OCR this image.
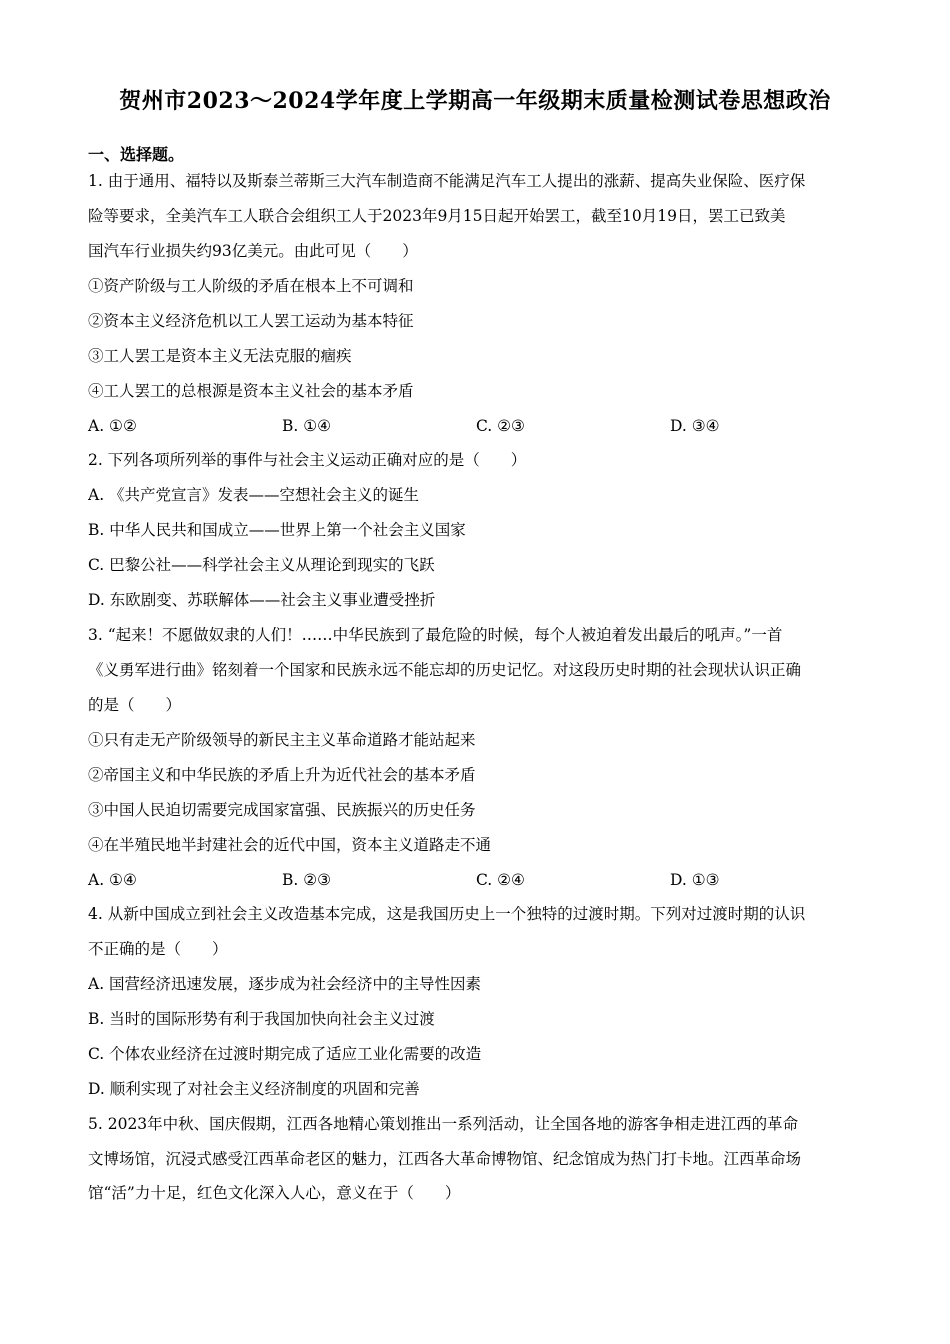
贺州市2023～2024学年度上学期高一年级期末质量检测试卷思想政治
一、选择题。
1. 由于通用、福特以及斯泰兰蒂斯三大汽车制造商不能满足汽车工人提出的涨薪、提高失业保险、医疗保
险等要求，全美汽车工人联合会组织工人于2023年9月15日起开始罢工，截至10月19日，罢工已致美
国汽车行业损失约93亿美元。由此可见（　　）
①资产阶级与工人阶级的矛盾在根本上不可调和
②资本主义经济危机以工人罢工运动为基本特征
③工人罢工是资本主义无法克服的痼疾
④工人罢工的总根源是资本主义社会的基本矛盾
A. ①②	B. ①④	C. ②③	D. ③④
2. 下列各项所列举的事件与社会主义运动正确对应的是（　　）
A. 《共产党宣言》发表——空想社会主义的诞生
B. 中华人民共和国成立——世界上第一个社会主义国家
C. 巴黎公社——科学社会主义从理论到现实的飞跃
D. 东欧剧变、苏联解体——社会主义事业遭受挫折
3. “起来！不愿做奴隶的人们！……中华民族到了最危险的时候，每个人被迫着发出最后的吼声。”一首
《义勇军进行曲》铭刻着一个国家和民族永远不能忘却的历史记忆。对这段历史时期的社会现状认识正确
的是（　　）
①只有走无产阶级领导的新民主主义革命道路才能站起来
②帝国主义和中华民族的矛盾上升为近代社会的基本矛盾
③中国人民迫切需要完成国家富强、民族振兴的历史任务
④在半殖民地半封建社会的近代中国，资本主义道路走不通
A. ①④	B. ②③	C. ②④	D. ①③
4. 从新中国成立到社会主义改造基本完成，这是我国历史上一个独特的过渡时期。下列对过渡时期的认识
不正确的是（　　）
A. 国营经济迅速发展，逐步成为社会经济中的主导性因素
B. 当时的国际形势有利于我国加快向社会主义过渡
C. 个体农业经济在过渡时期完成了适应工业化需要的改造
D. 顺利实现了对社会主义经济制度的巩固和完善
5. 2023年中秋、国庆假期，江西各地精心策划推出一系列活动，让全国各地的游客争相走进江西的革命
文博场馆，沉浸式感受江西革命老区的魅力，江西各大革命博物馆、纪念馆成为热门打卡地。江西革命场
馆“活”力十足，红色文化深入人心，意义在于（　　）
